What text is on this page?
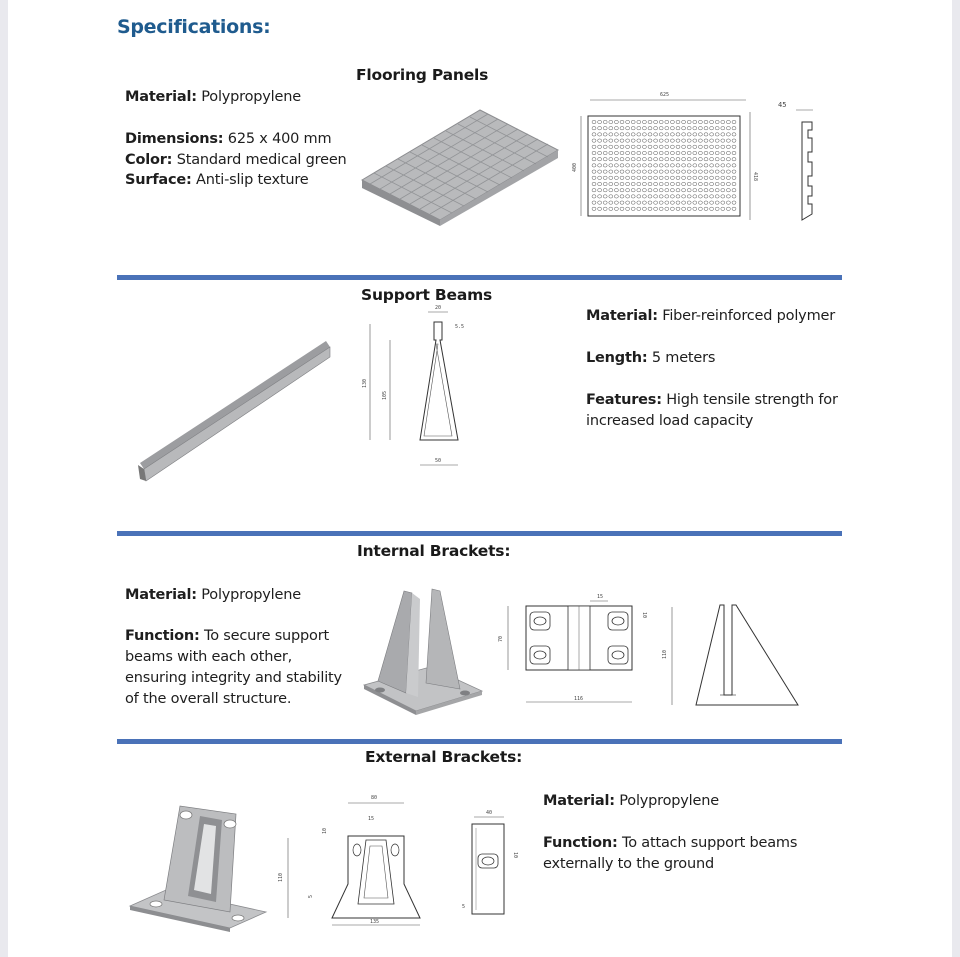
Specifications:
Flooring Panels
Material: Polypropylene
Dimensions: 625 x 400 mm
Color: Standard medical green
Surface: Anti-slip texture
625
400
418
45
Support Beams
Material: Fiber-reinforced polymer
Length: 5 meters
Features: High tensile strength for
increased load capacity
20
5.5
130
105
50
Internal Brackets:
Material: Polypropylene
Function: To secure support
beams with each other,
ensuring integrity and stability
of the overall structure.
15
10
70
116
110
External Brackets:
Material: Polypropylene
Function: To attach support beams
externally to the ground
80
15
10
110
5
135
40
10
5
